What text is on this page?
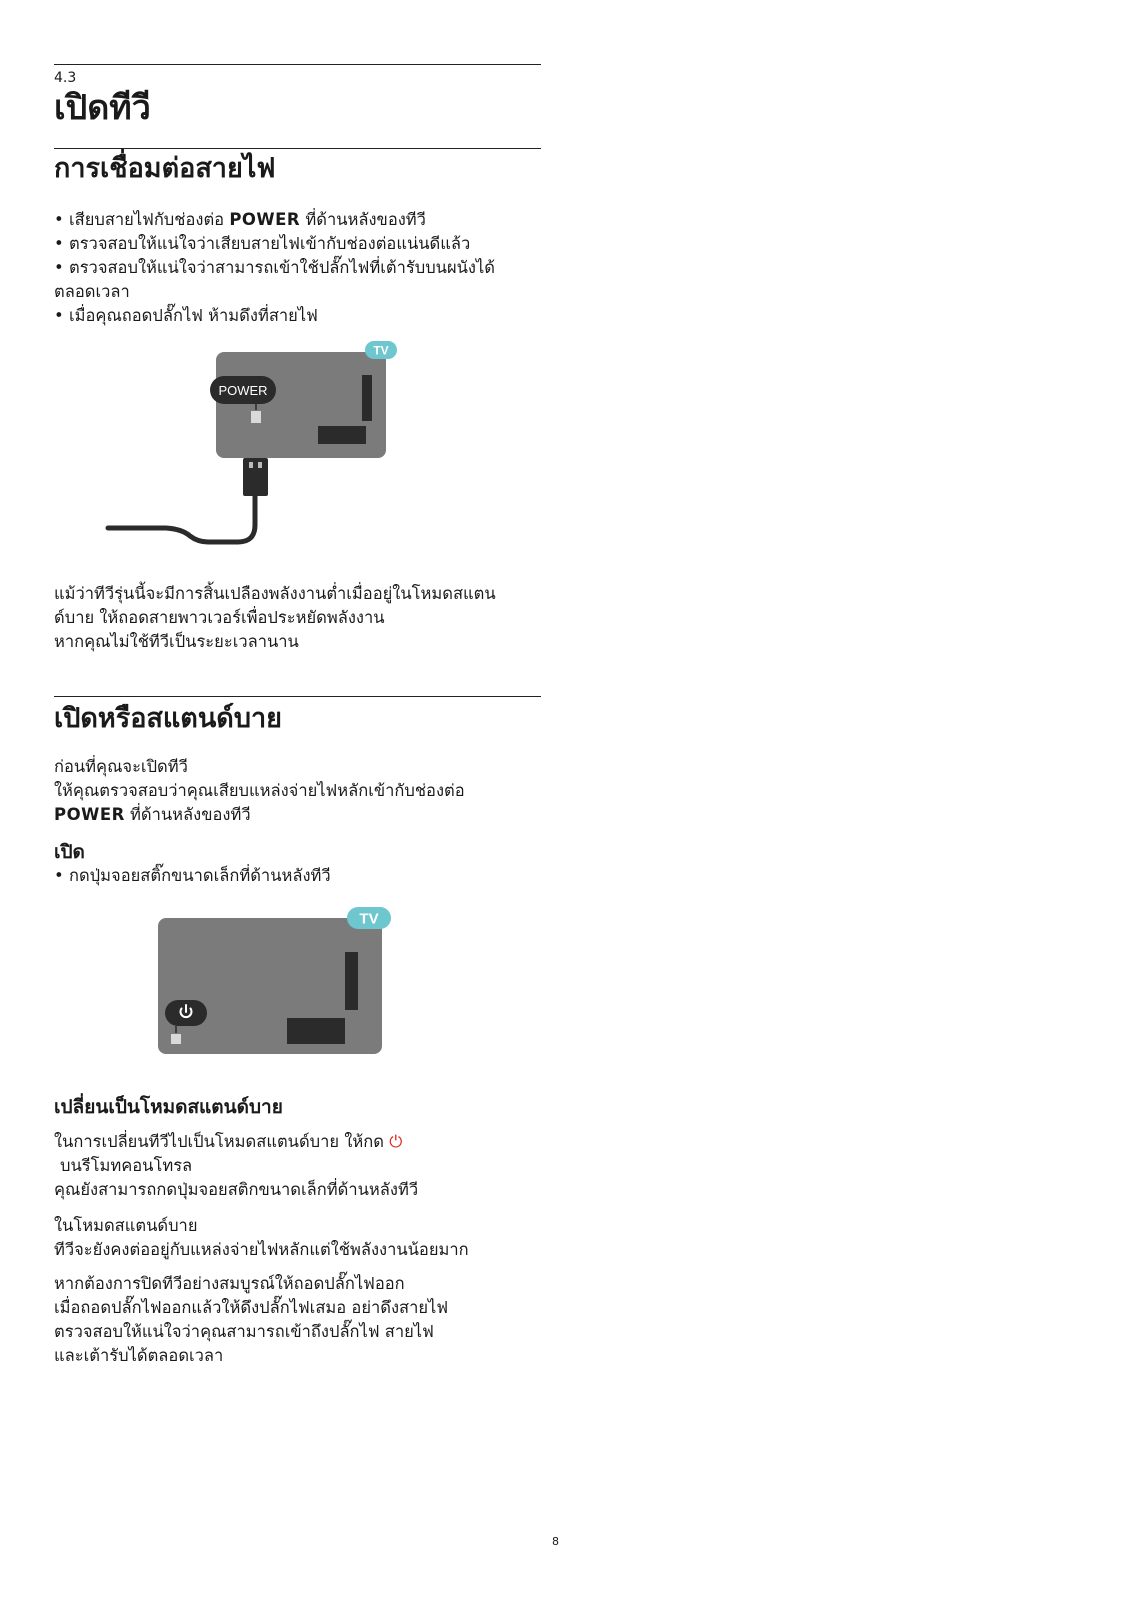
4.3
เปิดทีวี
การเชื่อมต่อสายไฟ
• เสียบสายไฟกับช่องต่อ POWER ที่ด้านหลังของทีวี
• ตรวจสอบให้แน่ใจว่าเสียบสายไฟเข้ากับช่องต่อแน่นดีแล้ว
• ตรวจสอบให้แน่ใจว่าสามารถเข้าใช้ปลั๊กไฟที่เต้ารับบนผนังได้
ตลอดเวลา
• เมื่อคุณถอดปลั๊กไฟ ห้ามดึงที่สายไฟ
TV
POWER
แม้ว่าทีวีรุ่นนี้จะมีการสิ้นเปลืองพลังงานต่ำเมื่ออยู่ในโหมดสแตน
ด์บาย ให้ถอดสายพาวเวอร์เพื่อประหยัดพลังงาน
หากคุณไม่ใช้ทีวีเป็นระยะเวลานาน
เปิดหรือสแตนด์บาย
ก่อนที่คุณจะเปิดทีวี
ให้คุณตรวจสอบว่าคุณเสียบแหล่งจ่ายไฟหลักเข้ากับช่องต่อ
POWER ที่ด้านหลังของทีวี
เปิด
• กดปุ่มจอยสติ๊กขนาดเล็กที่ด้านหลังทีวี
TV
เปลี่ยนเป็นโหมดสแตนด์บาย
ในการเปลี่ยนทีวีไปเป็นโหมดสแตนด์บาย ให้กด ⏻
บนรีโมทคอนโทรล
คุณยังสามารถกดปุ่มจอยสติกขนาดเล็กที่ด้านหลังทีวี
ในโหมดสแตนด์บาย
ทีวีจะยังคงต่ออยู่กับแหล่งจ่ายไฟหลักแต่ใช้พลังงานน้อยมาก
หากต้องการปิดทีวีอย่างสมบูรณ์ให้ถอดปลั๊กไฟออก
เมื่อถอดปลั๊กไฟออกแล้วให้ดึงปลั๊กไฟเสมอ อย่าดึงสายไฟ
ตรวจสอบให้แน่ใจว่าคุณสามารถเข้าถึงปลั๊กไฟ สายไฟ
และเต้ารับได้ตลอดเวลา
8
